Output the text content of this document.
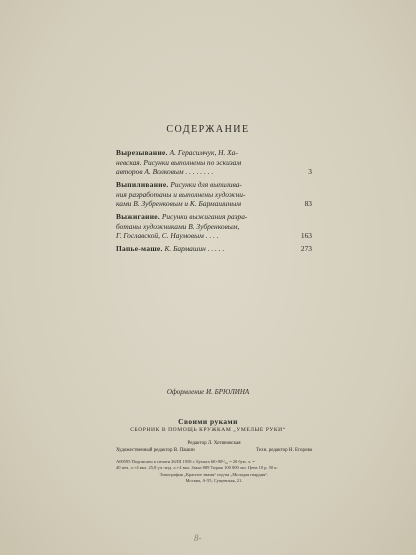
СОДЕРЖАНИЕ
Вырезывание. А. Герасимчук, Н. Ха-
невская. Рисунки выполнены по эскизам
авторов А. Волковым . . . . . . . .	3
Выпиливание. Рисунки для выпилива-
ния разработаны и выполнены художни-
ками В. Зубренковым и К. Бармашиным	83
Выжигание. Рисунки выжигания разра-
ботаны художниками В. Зубренковым,
Г. Гославской, С. Наумовым . . . .	163
Папье-маше. К. Бармашин . . . . .	273
Оформление И. БРЮЛИНА
Своими руками
СБОРНИК В ПОМОЩЬ КРУЖКАМ „УМЕЛЫЕ РУКИ“
Редактор Л. Хотяновская
Художественный редактор В. Пашин	Техн. редактор Н. Егорова
А00595 Подписано к печати 26/III 1958 г. Бумага 60×90¹/₁₆ = 20 бум. л. =
40 печ. л.+4 вкл. 25,8 уч.-изд. л.+4 вкл. Заказ 889 Тираж 100 000 экз. Цена 10 р. 50 к.
Типография „Красное знамя“ изд-ва „Молодая гвардия“.
Москва, А-55, Сущевская, 21.
8-
